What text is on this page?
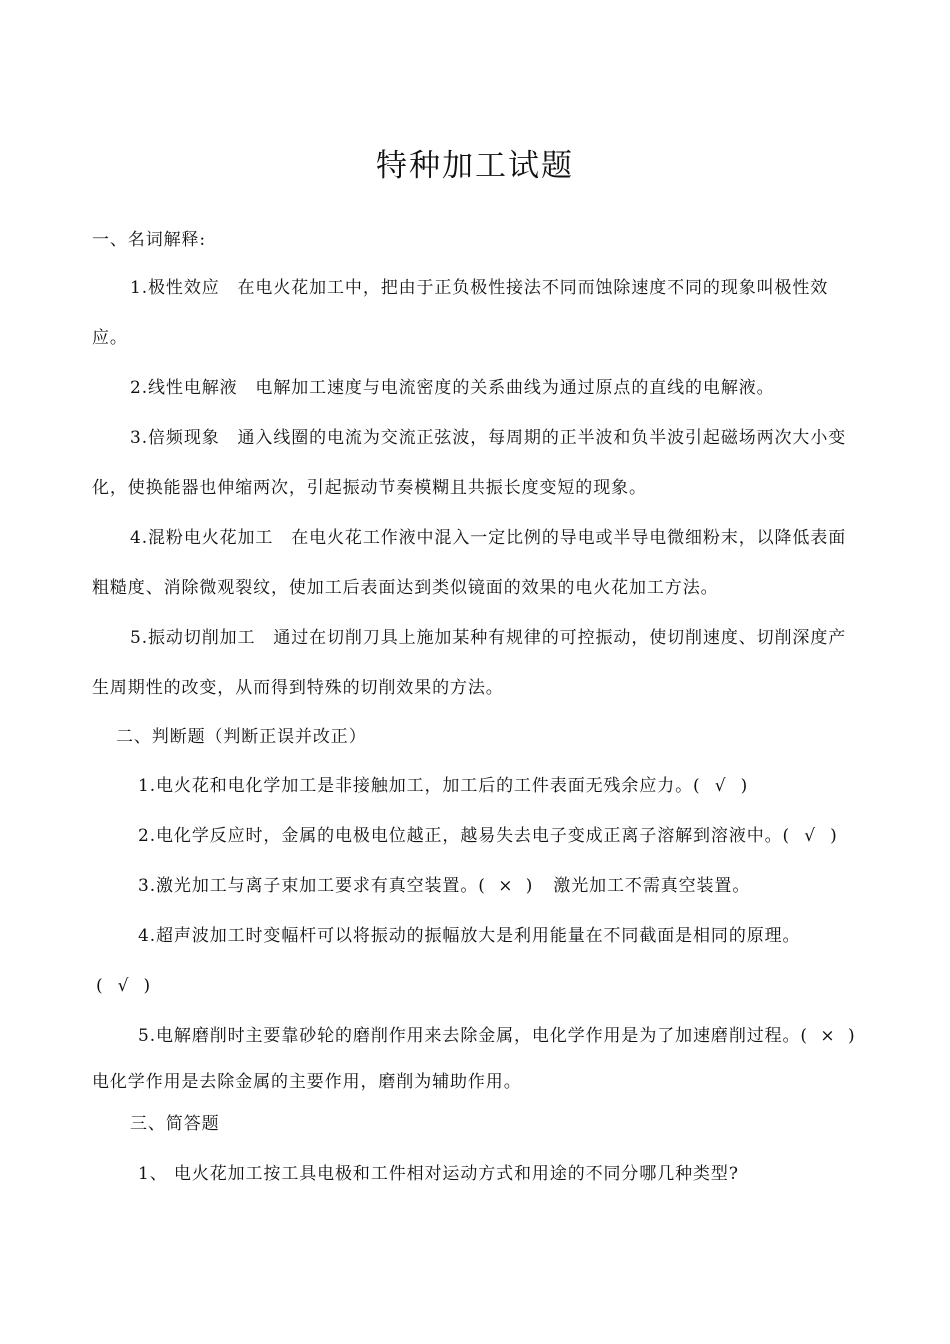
特种加工试题
一、名词解释:
1.极性效应　在电火花加工中，把由于正负极性接法不同而蚀除速度不同的现象叫极性效
应。
2.线性电解液　电解加工速度与电流密度的关系曲线为通过原点的直线的电解液。
3.倍频现象　通入线圈的电流为交流正弦波，每周期的正半波和负半波引起磁场两次大小变
化，使换能器也伸缩两次，引起振动节奏模糊且共振长度变短的现象。
4.混粉电火花加工　在电火花工作液中混入一定比例的导电或半导电微细粉末，以降低表面
粗糙度、消除微观裂纹，使加工后表面达到类似镜面的效果的电火花加工方法。
5.振动切削加工　通过在切削刀具上施加某种有规律的可控振动，使切削速度、切削深度产
生周期性的改变，从而得到特殊的切削效果的方法。
二、判断题（判断正误并改正）
1.电火花和电化学加工是非接触加工，加工后的工件表面无残余应力。( √ )
2.电化学反应时，金属的电极电位越正，越易失去电子变成正离子溶解到溶液中。( √ )
3.激光加工与离子束加工要求有真空装置。( × ) 激光加工不需真空装置。
4.超声波加工时变幅杆可以将振动的振幅放大是利用能量在不同截面是相同的原理。
( √ )
5.电解磨削时主要靠砂轮的磨削作用来去除金属，电化学作用是为了加速磨削过程。( × )
电化学作用是去除金属的主要作用，磨削为辅助作用。
三、简答题
1、 电火花加工按工具电极和工件相对运动方式和用途的不同分哪几种类型?
